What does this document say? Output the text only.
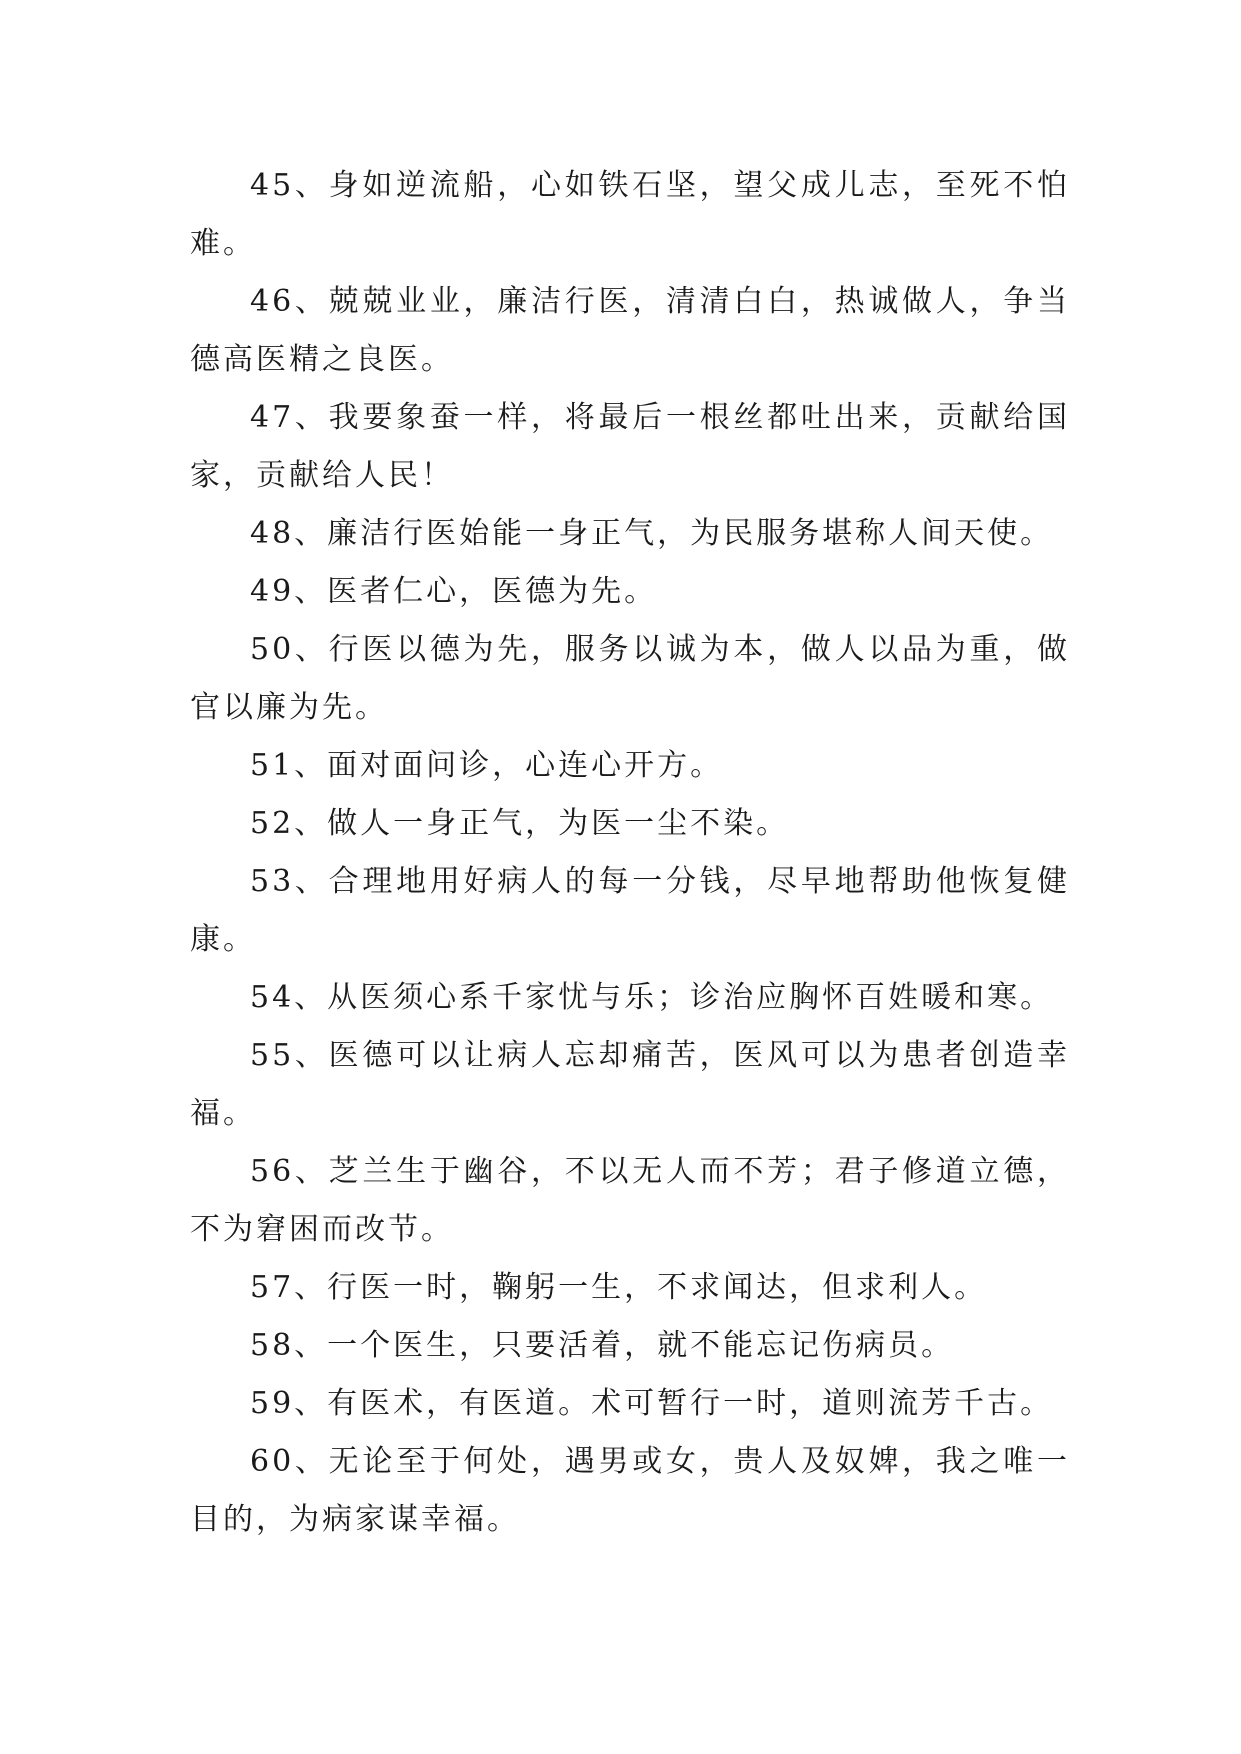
45、身如逆流船，心如铁石坚，望父成儿志，至死不怕难。

46、兢兢业业，廉洁行医，清清白白，热诚做人，争当德高医精之良医。

47、我要象蚕一样，将最后一根丝都吐出来，贡献给国家，贡献给人民！

48、廉洁行医始能一身正气，为民服务堪称人间天使。

49、医者仁心，医德为先。

50、行医以德为先，服务以诚为本，做人以品为重，做官以廉为先。

51、面对面问诊，心连心开方。

52、做人一身正气，为医一尘不染。

53、合理地用好病人的每一分钱，尽早地帮助他恢复健康。

54、从医须心系千家忧与乐；诊治应胸怀百姓暖和寒。

55、医德可以让病人忘却痛苦，医风可以为患者创造幸福。

56、芝兰生于幽谷，不以无人而不芳；君子修道立德，不为窘困而改节。

57、行医一时，鞠躬一生，不求闻达，但求利人。

58、一个医生，只要活着，就不能忘记伤病员。

59、有医术，有医道。术可暂行一时，道则流芳千古。

60、无论至于何处，遇男或女，贵人及奴婢，我之唯一目的，为病家谋幸福。
